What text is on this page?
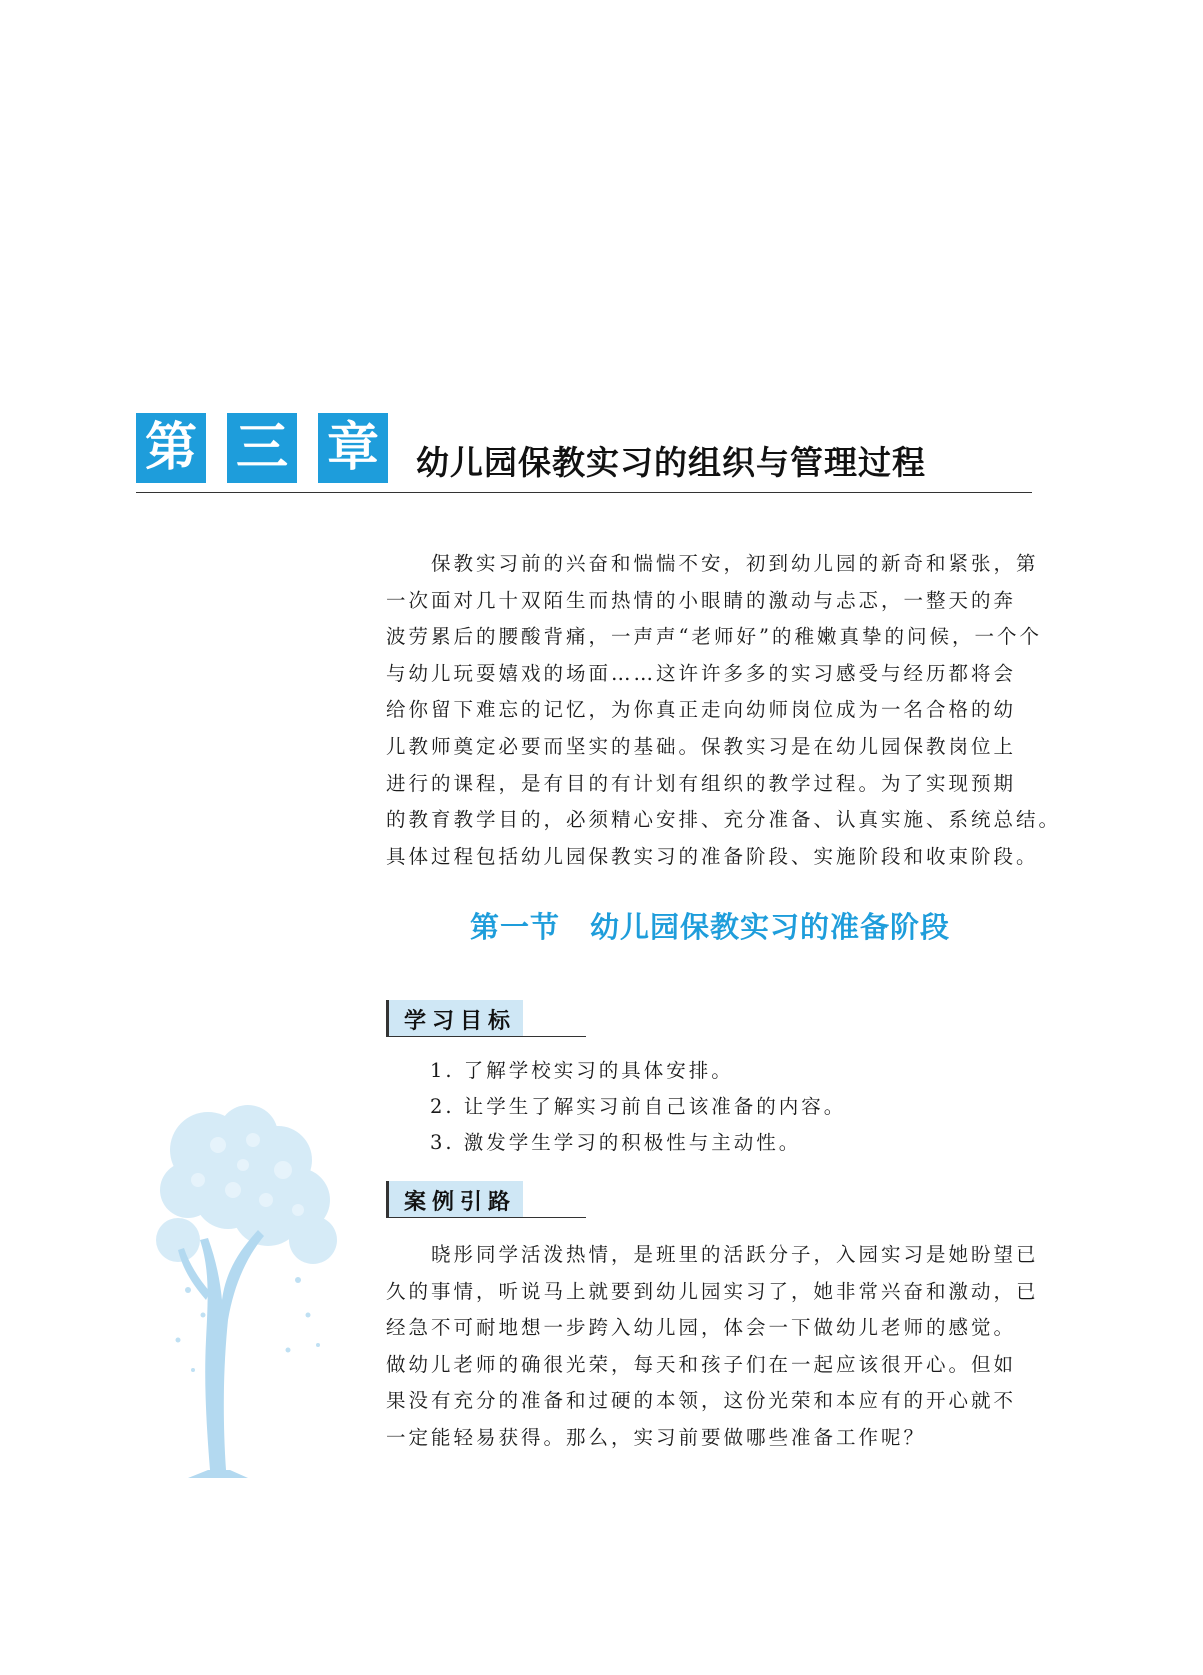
第 三 章 幼儿园保教实习的组织与管理过程
　　保教实习前的兴奋和惴惴不安，初到幼儿园的新奇和紧张，第
一次面对几十双陌生而热情的小眼睛的激动与忐忑，一整天的奔
波劳累后的腰酸背痛，一声声“老师好”的稚嫩真挚的问候，一个个
与幼儿玩耍嬉戏的场面……这许许多多的实习感受与经历都将会
给你留下难忘的记忆，为你真正走向幼师岗位成为一名合格的幼
儿教师奠定必要而坚实的基础。保教实习是在幼儿园保教岗位上
进行的课程，是有目的有计划有组织的教学过程。为了实现预期
的教育教学目的，必须精心安排、充分准备、认真实施、系统总结。
具体过程包括幼儿园保教实习的准备阶段、实施阶段和收束阶段。
第一节　幼儿园保教实习的准备阶段
学习目标
1. 了解学校实习的具体安排。
2. 让学生了解实习前自己该准备的内容。
3. 激发学生学习的积极性与主动性。
案例引路
　　晓彤同学活泼热情，是班里的活跃分子，入园实习是她盼望已
久的事情，听说马上就要到幼儿园实习了，她非常兴奋和激动，已
经急不可耐地想一步跨入幼儿园，体会一下做幼儿老师的感觉。
做幼儿老师的确很光荣，每天和孩子们在一起应该很开心。但如
果没有充分的准备和过硬的本领，这份光荣和本应有的开心就不
一定能轻易获得。那么，实习前要做哪些准备工作呢？
